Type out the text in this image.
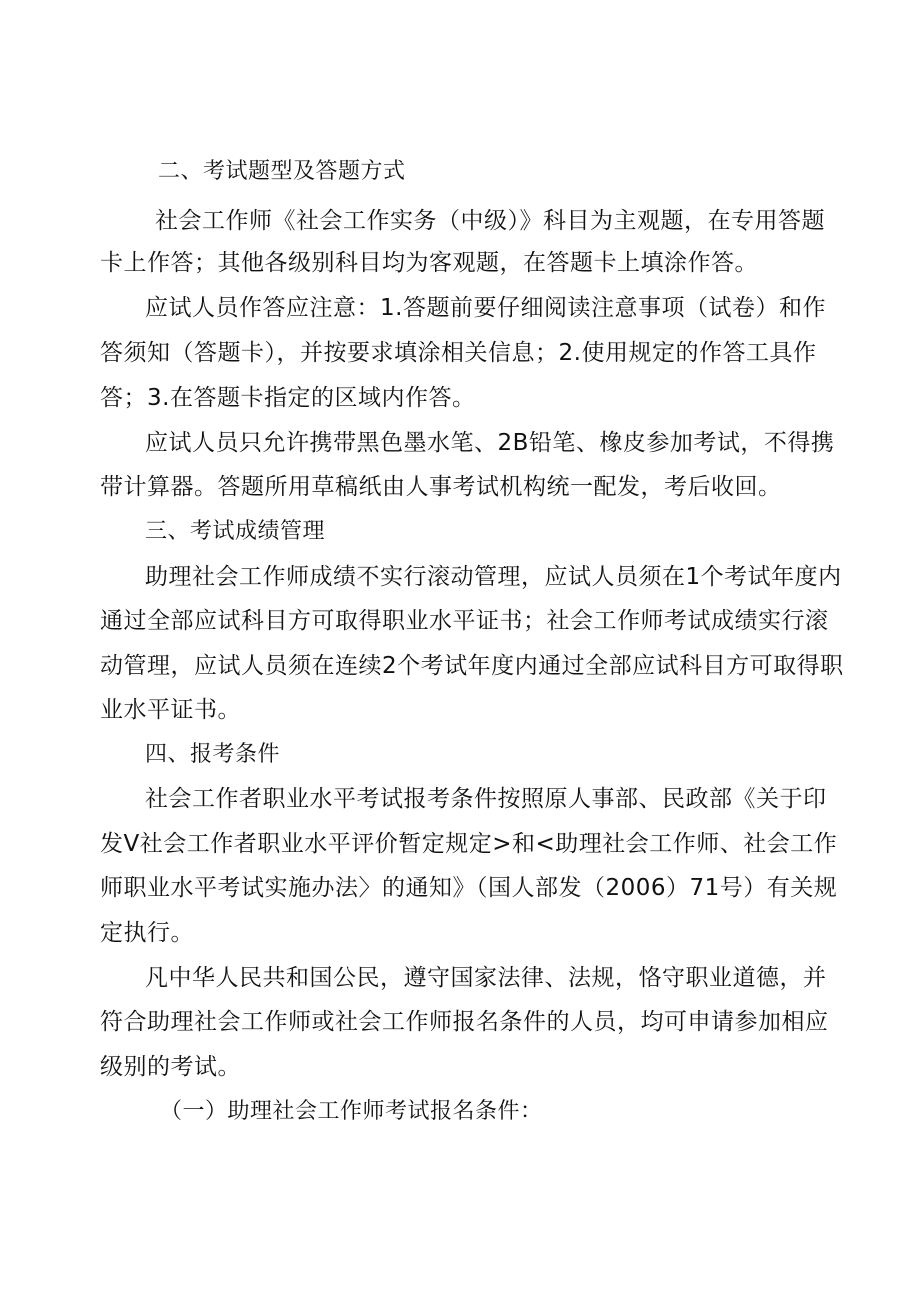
二、考试题型及答题方式
社会工作师《社会工作实务（中级）》科目为主观题，在专用答题
卡上作答；其他各级别科目均为客观题，在答题卡上填涂作答。
应试人员作答应注意：1.答题前要仔细阅读注意事项（试卷）和作
答须知（答题卡），并按要求填涂相关信息；2.使用规定的作答工具作
答；3.在答题卡指定的区域内作答。
应试人员只允许携带黑色墨水笔、2B铅笔、橡皮参加考试，不得携
带计算器。答题所用草稿纸由人事考试机构统一配发，考后收回。
三、考试成绩管理
助理社会工作师成绩不实行滚动管理，应试人员须在1个考试年度内
通过全部应试科目方可取得职业水平证书；社会工作师考试成绩实行滚
动管理，应试人员须在连续2个考试年度内通过全部应试科目方可取得职
业水平证书。
四、报考条件
社会工作者职业水平考试报考条件按照原人事部、民政部《关于印
发V社会工作者职业水平评价暂定规定>和<助理社会工作师、社会工作
师职业水平考试实施办法〉的通知》（国人部发（2006）71号）有关规
定执行。
凡中华人民共和国公民，遵守国家法律、法规，恪守职业道德，并
符合助理社会工作师或社会工作师报名条件的人员，均可申请参加相应
级别的考试。
（一）助理社会工作师考试报名条件：
